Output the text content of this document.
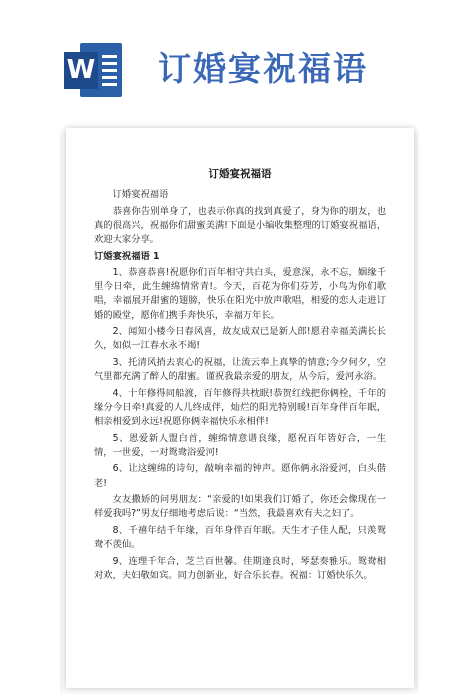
W 订婚宴祝福语
订婚宴祝福语

订婚宴祝福语

恭喜你告别单身了，也表示你真的找到真爱了，身为你的朋友，也真的很高兴，祝福你们甜蜜美满!下面是小编收集整理的订婚宴祝福语，欢迎大家分享。

订婚宴祝福语 1

1、恭喜恭喜!祝愿你们百年相守共白头，爱意深，永不忘，姻缘千里今日牵，此生缠绵情常青!。今天，百花为你们芬芳，小鸟为你们歌唱，幸福展开甜蜜的翅膀，快乐在阳光中放声歌唱，相爱的恋人走进订婚的殿堂，愿你们携手奔快乐，幸福万年长。

2、闻知小楼今日春风喜，故友成双已是新人郎!愿君幸福美满长长久，如似一江春水永不竭!

3、托清风捎去衷心的祝福，让流云奉上真挚的情意;今夕何夕，空气里都充满了醉人的甜蜜。谨祝我最亲爱的朋友，从今后，爱河永浴。

4、十年修得同船渡，百年修得共枕眠!恭贺红线把你俩栓，千年的缘分今日牵!真爱的人儿终成伴，灿烂的阳光特别暖!百年身伴百年眠，相亲相爱到永远!祝愿你俩幸福快乐永相伴!

5、恩爱新人盟白首，缠绵情意谱良缘，愿祝百年皆好合，一生情，一世爱，一对鸳鸯浴爱河!

6、让这缠绵的诗句，敲响幸福的钟声。愿你俩永浴爱河，白头偕老!

女友撒娇的问男朋友：“亲爱的!如果我们订婚了，你还会像现在一样爱我吗?”男友仔细地考虑后说：“当然，我最喜欢有夫之妇了。

8、千禧年结千年缘，百年身伴百年眠。天生才子佳人配，只羡鸳鸯不羡仙。

9、连理千年合，芝兰百世馨。佳期逢良时，琴瑟奏雅乐。鸳鸯相对欢，夫妇敬如宾。同力创新业，好合乐长春。祝福：订婚快乐久。
